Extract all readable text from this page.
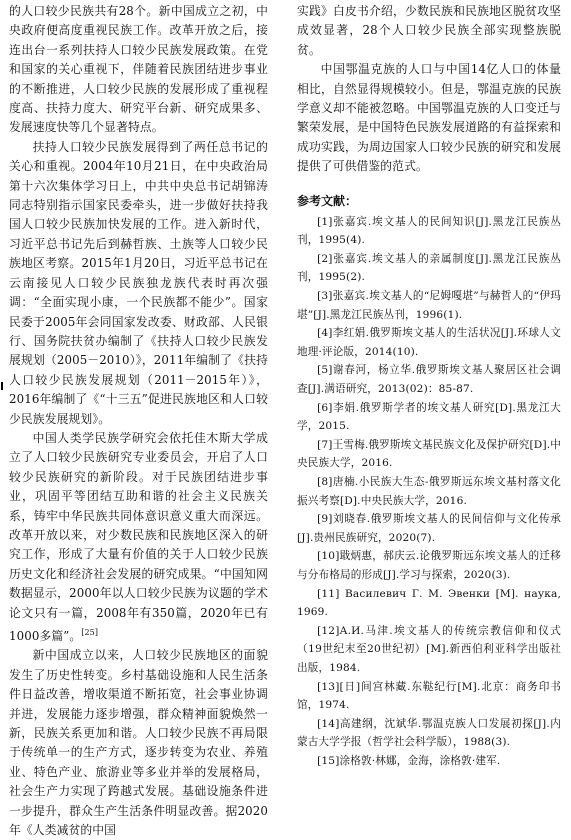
的人口较少民族共有28个。新中国成立之初，中央政府便高度重视民族工作。改革开放之后，接连出台一系列扶持人口较少民族发展政策。在党和国家的关心重视下，伴随着民族团结进步事业的不断推进，人口较少民族的发展形成了重视程度高、扶持力度大、研究平台新、研究成果多、发展速度快等几个显著特点。

扶持人口较少民族发展得到了两任总书记的关心和重视。2004年10月21日，在中央政治局第十六次集体学习日上，中共中央总书记胡锦涛同志特别指示国家民委牵头，进一步做好扶持我国人口较少民族加快发展的工作。进入新时代，习近平总书记先后到赫哲族、土族等人口较少民族地区考察。2015年1月20日，习近平总书记在云南接见人口较少民族独龙族代表时再次强调：“全面实现小康，一个民族都不能少”。国家民委于2005年会同国家发改委、财政部、人民银行、国务院扶贫办编制了《扶持人口较少民族发展规划（2005－2010）》，2011年编制了《扶持人口较少民族发展规划（2011－2015年）》，2016年编制了《“十三五”促进民族地区和人口较少民族发展规划》。

中国人类学民族学研究会依托佳木斯大学成立了人口较少民族研究专业委员会，开启了人口较少民族研究的新阶段。对于民族团结进步事业，巩固平等团结互助和谐的社会主义民族关系，铸牢中华民族共同体意识意义重大而深远。改革开放以来，对少数民族和民族地区深入的研究工作，形成了大量有价值的关于人口较少民族历史文化和经济社会发展的研究成果。“中国知网数据显示，2000年以人口较少民族为议题的学术论文只有一篇，2008年有350篇，2020年已有1000多篇”。[25]

新中国成立以来，人口较少民族地区的面貌发生了历史性转变。乡村基础设施和人民生活条件日益改善，增收渠道不断拓宽，社会事业协调并进，发展能力逐步增强，群众精神面貌焕然一新，民族关系更加和谐。人口较少民族不再局限于传统单一的生产方式，逐步转变为农业、养殖业、特色产业、旅游业等多业并举的发展格局，社会生产力实现了跨越式发展。基础设施条件进一步提升，群众生产生活条件明显改善。据2020年《人类减贫的中国

实践》白皮书介绍，少数民族和民族地区脱贫攻坚成效显著，28个人口较少民族全部实现整族脱贫。

中国鄂温克族的人口与中国14亿人口的体量相比，自然显得规模较小。但是，鄂温克族的民族学意义却不能被忽略。中国鄂温克族的人口变迁与繁荣发展，是中国特色民族发展道路的有益探索和成功实践，为周边国家人口较少民族的研究和发展提供了可供借鉴的范式。

参考文献：

[1]张嘉宾.埃文基人的民间知识[J].黑龙江民族丛刊，1995(4).

[2]张嘉宾.埃文基人的亲属制度[J].黑龙江民族丛刊，1995(2).

[3]张嘉宾.埃文基人的“尼姆嘎堪”与赫哲人的“伊玛堪”[J].黑龙江民族丛刊，1996(1).

[4]李红娟.俄罗斯埃文基人的生活状况[J].环球人文地理·评论版，2014(10).

[5]谢春河，杨立华.俄罗斯埃文基人聚居区社会调查[J].满语研究，2013(02)：85-87.

[6]李娟.俄罗斯学者的埃文基人研究[D].黑龙江大学，2015.

[7]王雪梅.俄罗斯埃文基民族文化及保护研究[D].中央民族大学，2016.

[8]唐楠.小民族大生态-俄罗斯远东埃文基村落文化振兴考察[D].中央民族大学，2016.

[9]刘晓春.俄罗斯埃文基人的民间信仰与文化传承[J].贵州民族研究，2020(7).

[10]戢炳惠，郝庆云.论俄罗斯远东埃文基人的迁移与分布格局的形成[J].学习与探索，2020(3).

[11] Василевич Г. М. Эвенки [M]. наука, 1969.

[12]А.И.马津.埃文基人的传统宗教信仰和仪式（19世纪末至20世纪初）[M].新西伯利亚科学出版社出版，1984.

[13][日]间宫林藏.东鞑纪行[M].北京：商务印书馆，1974.

[14]高建纲，沈斌华.鄂温克族人口发展初探[J].内蒙古大学学报（哲学社会科学版），1988(3).

[15]涂格敦·林娜，金海，涂格敦·建军.
